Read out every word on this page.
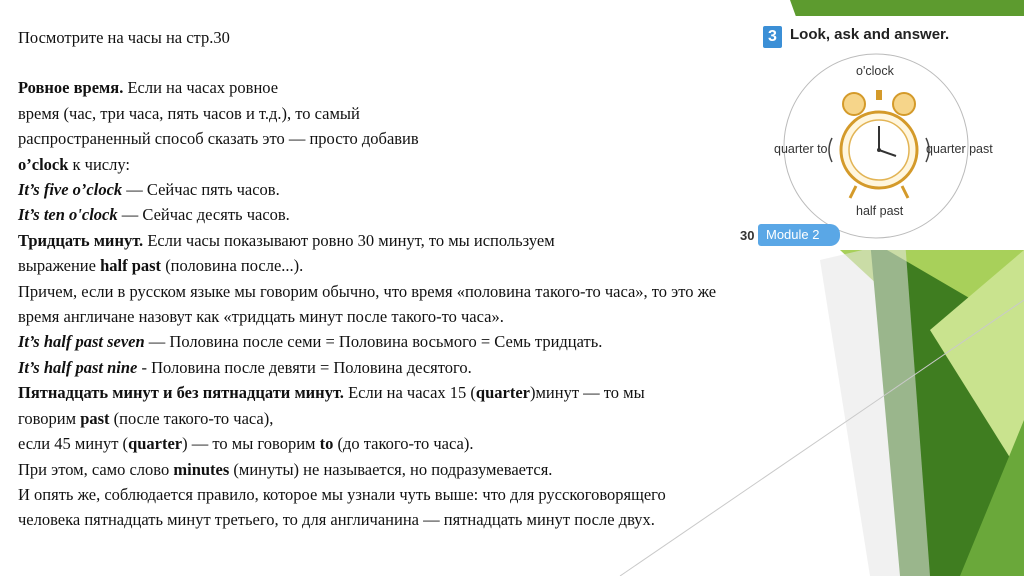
3 Look, ask and answer.
o'clock
quarter to	quarter past
half past
30 Module 2

Посмотрите на часы на стр.30

Ровное время. Если на часах ровное

время (час, три часа, пять часов и т.д.), то самый

распространенный способ сказать это — просто добавив

o’clock к числу:

It’s five o’clock — Сейчас пять часов.

It’s ten o'clock — Сейчас десять часов.

Тридцать минут. Если часы показывают ровно 30 минут, то мы используем

выражение half past (половина после...).

Причем, если в русском языке мы говорим обычно, что время «половина такого-то часа», то это же

время англичане назовут как «тридцать минут после такого-то часа».

It’s half past seven — Половина после семи = Половина восьмого = Семь тридцать.

It’s half past nine - Половина после девяти = Половина десятого.

Пятнадцать минут и без пятнадцати минут. Если на часах 15 (quarter)минут — то мы

говорим past (после такого-то часа),

если 45 минут (quarter) — то мы говорим to (до такого-то часа).

При этом, само слово minutes (минуты) не называется, но подразумевается.

И опять же, соблюдается правило, которое мы узнали чуть выше: что для русскоговорящего

человека пятнадцать минут третьего, то для англичанина — пятнадцать минут после двух.
